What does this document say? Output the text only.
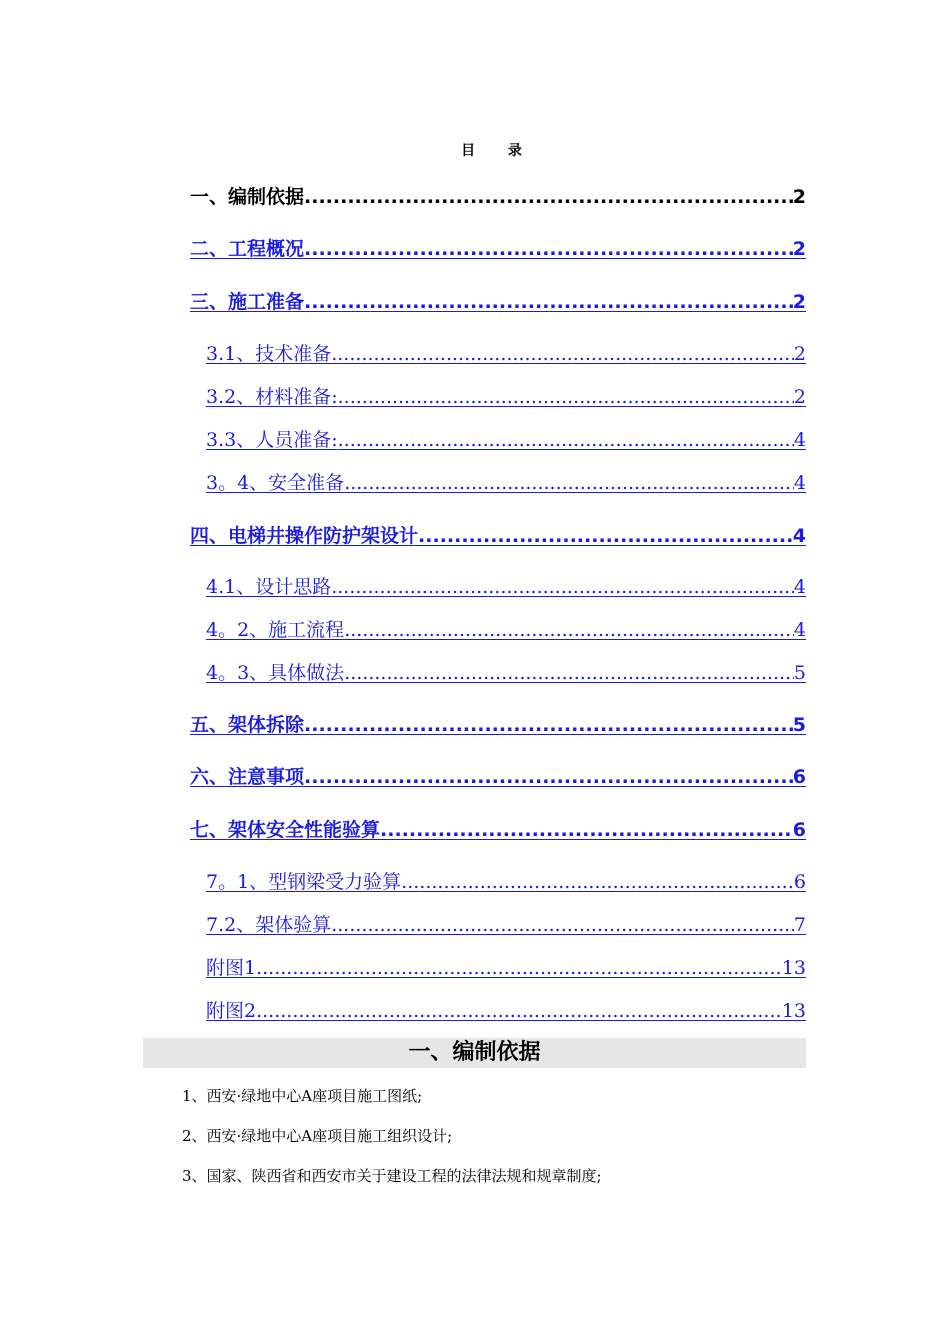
目 录
一、编制依据 .....	2
二、工程概况 .....	2
三、施工准备 .....	2
3.1、技术准备 .....	2
3.2、材料准备: .....	2
3.3、人员准备: .....	4
3。4、安全准备 .....	4
四、电梯井操作防护架设计 .....	4
4.1、设计思路 .....	4
4。2、施工流程 .....	4
4。3、具体做法 .....	5
五、架体拆除 .....	5
六、注意事项 .....	6
七、架体安全性能验算 .....	6
7。1、型钢梁受力验算 .....	6
7.2、架体验算 .....	7
附图1 .....	13
附图2 .....	13
一、编制依据
1、西安·绿地中心A座项目施工图纸;
2、西安·绿地中心A座项目施工组织设计;
3、国家、陕西省和西安市关于建设工程的法律法规和规章制度;
